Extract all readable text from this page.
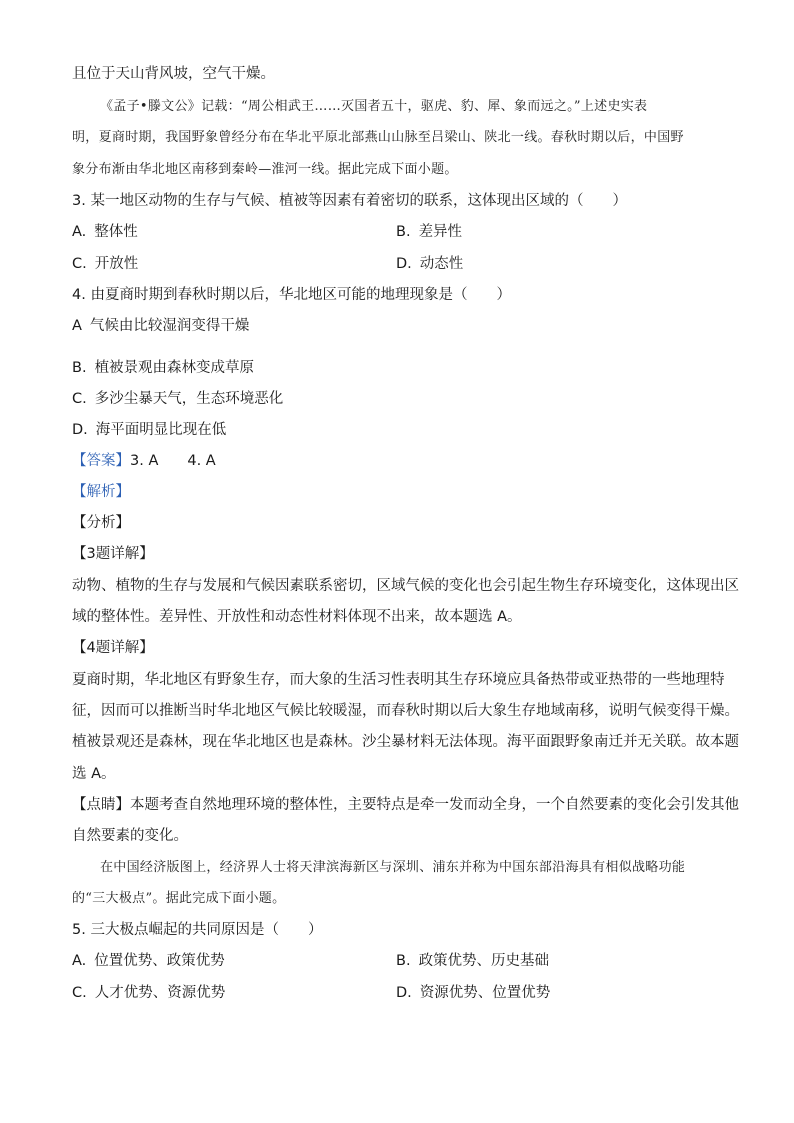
且位于天山背风坡，空气干燥。
《孟子•滕文公》记载：“周公相武王……灭国者五十，驱虎、豹、犀、象而远之。”上述史实表
明，夏商时期，我国野象曾经分布在华北平原北部燕山山脉至吕梁山、陕北一线。春秋时期以后，中国野
象分布渐由华北地区南移到秦岭—淮河一线。据此完成下面小题。
3. 某一地区动物的生存与气候、植被等因素有着密切的联系，这体现出区域的（　　）
A. 整体性	B. 差异性
C. 开放性	D. 动态性
4. 由夏商时期到春秋时期以后，华北地区可能的地理现象是（　　）
A 气候由比较湿润变得干燥
B. 植被景观由森林变成草原
C. 多沙尘暴天气，生态环境恶化
D. 海平面明显比现在低
【答案】3. A　　4. A
【解析】
【分析】
【3题详解】
动物、植物的生存与发展和气候因素联系密切，区域气候的变化也会引起生物生存环境变化，这体现出区
域的整体性。差异性、开放性和动态性材料体现不出来，故本题选 A。
【4题详解】
夏商时期，华北地区有野象生存，而大象的生活习性表明其生存环境应具备热带或亚热带的一些地理特
征，因而可以推断当时华北地区气候比较暖湿，而春秋时期以后大象生存地域南移，说明气候变得干燥。
植被景观还是森林，现在华北地区也是森林。沙尘暴材料无法体现。海平面跟野象南迁并无关联。故本题
选 A。
【点睛】本题考查自然地理环境的整体性，主要特点是牵一发而动全身，一个自然要素的变化会引发其他
自然要素的变化。
在中国经济版图上，经济界人士将天津滨海新区与深圳、浦东并称为中国东部沿海具有相似战略功能
的“三大极点”。据此完成下面小题。
5. 三大极点崛起的共同原因是（　　）
A. 位置优势、政策优势	B. 政策优势、历史基础
C. 人才优势、资源优势	D. 资源优势、位置优势
